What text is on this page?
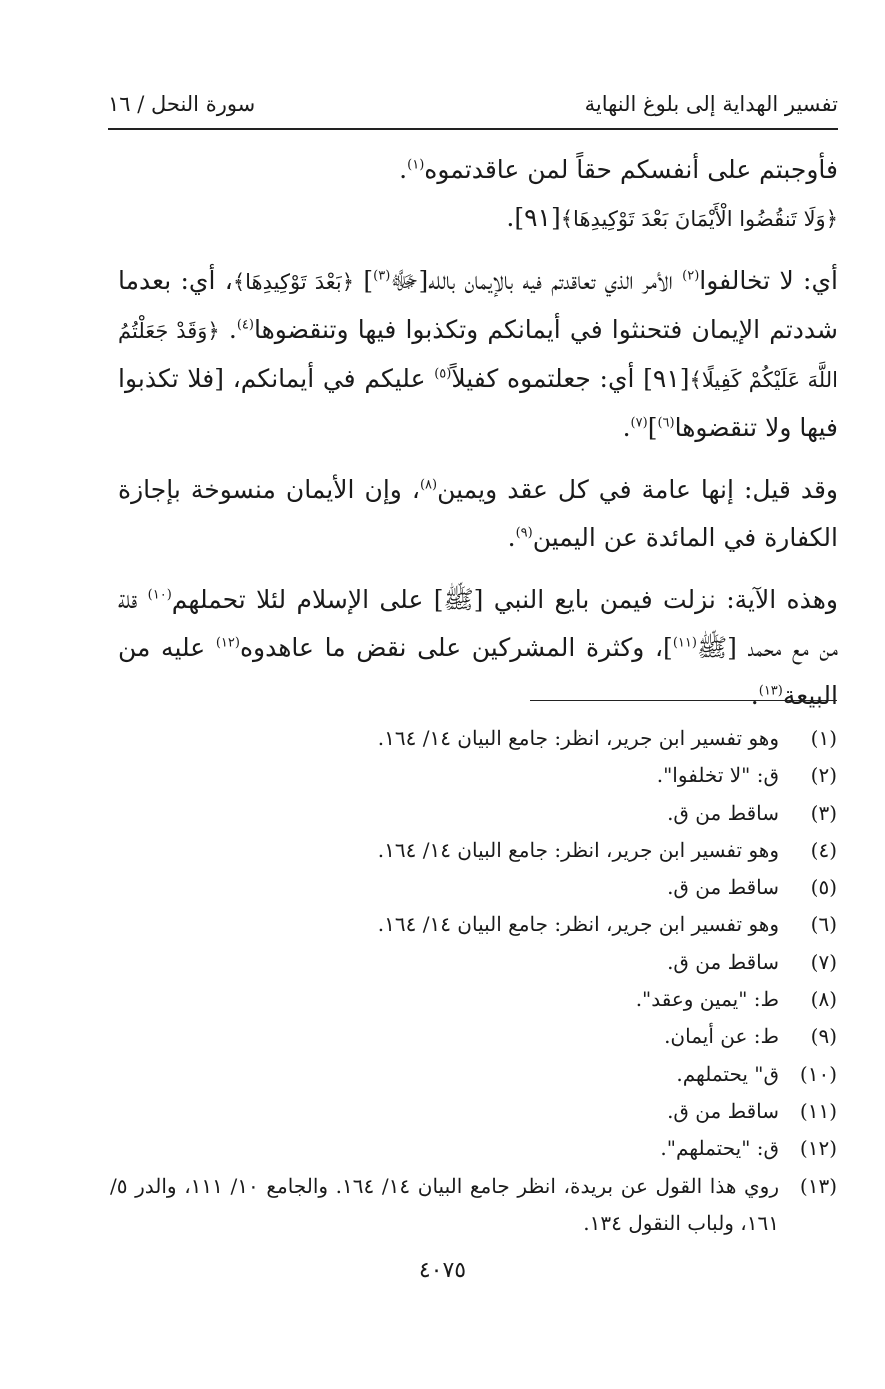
تفسير الهداية إلى بلوغ النهاية
سورة النحل / ١٦

فأوجبتم على أنفسكم حقاً لمن عاقدتموه$^{(١)}$.

﴿وَلَا تَنقُضُوا الْأَيْمَانَ بَعْدَ تَوْكِيدِهَا﴾[٩١].

أي: لا تخالفوا$^{(٢)}$ الأمر الذي تعاقدتم فيه بالإيمان بالله[ﷻ$^{(٣)}$] ﴿بَعْدَ تَوْكِيدِهَا﴾، أي: بعدما شددتم الإيمان فتحنثوا في أيمانكم وتكذبوا فيها وتنقضوها$^{(٤)}$. ﴿وَقَدْ جَعَلْتُمُ اللَّهَ عَلَيْكُمْ كَفِيلًا﴾[٩١] أي: جعلتموه كفيلاً$^{(٥)}$ عليكم في أيمانكم، [فلا تكذبوا فيها ولا تنقضوها$^{(٦)}$]$^{(٧)}$.

وقد قيل: إنها عامة في كل عقد ويمين$^{(٨)}$، وإن الأيمان منسوخة بإجازة الكفارة في المائدة عن اليمين$^{(٩)}$.

وهذه الآية: نزلت فيمن بايع النبي [ﷺ] على الإسلام لئلا تحملهم$^{(١٠)}$ قلة من مع محمد [ﷺ$^{(١١)}$]، وكثرة المشركين على نقض ما عاهدوه$^{(١٢)}$ عليه من البيعة$^{(١٣)}$.

(١)
وهو تفسير ابن جرير، انظر: جامع البيان ١٤/ ١٦٤.
(٢)
ق: "لا تخلفوا".
(٣)
ساقط من ق.
(٤)
وهو تفسير ابن جرير، انظر: جامع البيان ١٤/ ١٦٤.
(٥)
ساقط من ق.
(٦)
وهو تفسير ابن جرير، انظر: جامع البيان ١٤/ ١٦٤.
(٧)
ساقط من ق.
(٨)
ط: "يمين وعقد".
(٩)
ط: عن أيمان.
(١٠)
ق" يحتملهم.
(١١)
ساقط من ق.
(١٢)
ق: "يحتملهم".
(١٣)
روي هذا القول عن بريدة، انظر جامع البيان ١٤/ ١٦٤. والجامع ١٠/ ١١١، والدر ٥/ ١٦١، ولباب النقول ١٣٤.
٤٠٧٥
